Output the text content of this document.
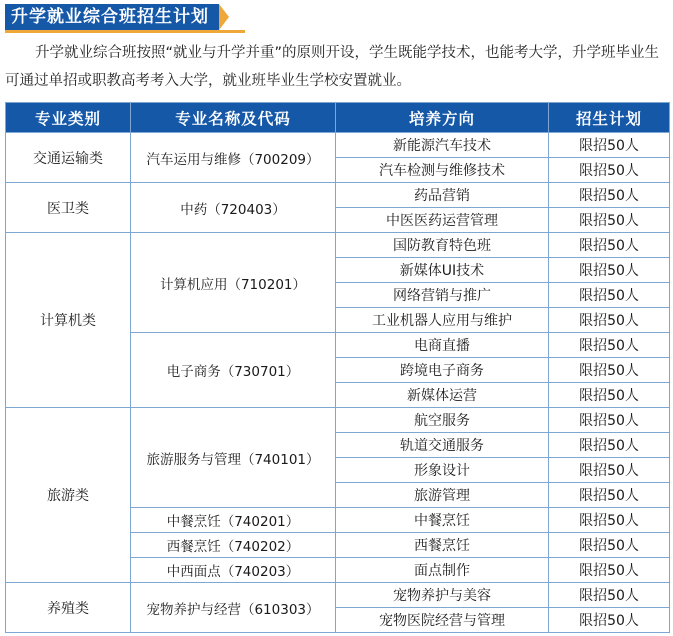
升学就业综合班招生计划
升学就业综合班按照“就业与升学并重”的原则开设，学生既能学技术，也能考大学，升学班毕业生可通过单招或职教高考考入大学，就业班毕业生学校安置就业。
专业类别	专业名称及代码	培养方向	招生计划
交通运输类	汽车运用与维修（700209）	新能源汽车技术	限招50人
		汽车检测与维修技术	限招50人
医卫类	中药（720403）	药品营销	限招50人
		中医医药运营管理	限招50人
计算机类	计算机应用（710201）	国防教育特色班	限招50人
		新媒体UI技术	限招50人
		网络营销与推广	限招50人
		工业机器人应用与维护	限招50人
	电子商务（730701）	电商直播	限招50人
		跨境电子商务	限招50人
		新媒体运营	限招50人
旅游类	旅游服务与管理（740101）	航空服务	限招50人
		轨道交通服务	限招50人
		形象设计	限招50人
		旅游管理	限招50人
	中餐烹饪（740201）	中餐烹饪	限招50人
	西餐烹饪（740202）	西餐烹饪	限招50人
	中西面点（740203）	面点制作	限招50人
养殖类	宠物养护与经营（610303）	宠物养护与美容	限招50人
		宠物医院经营与管理	限招50人
